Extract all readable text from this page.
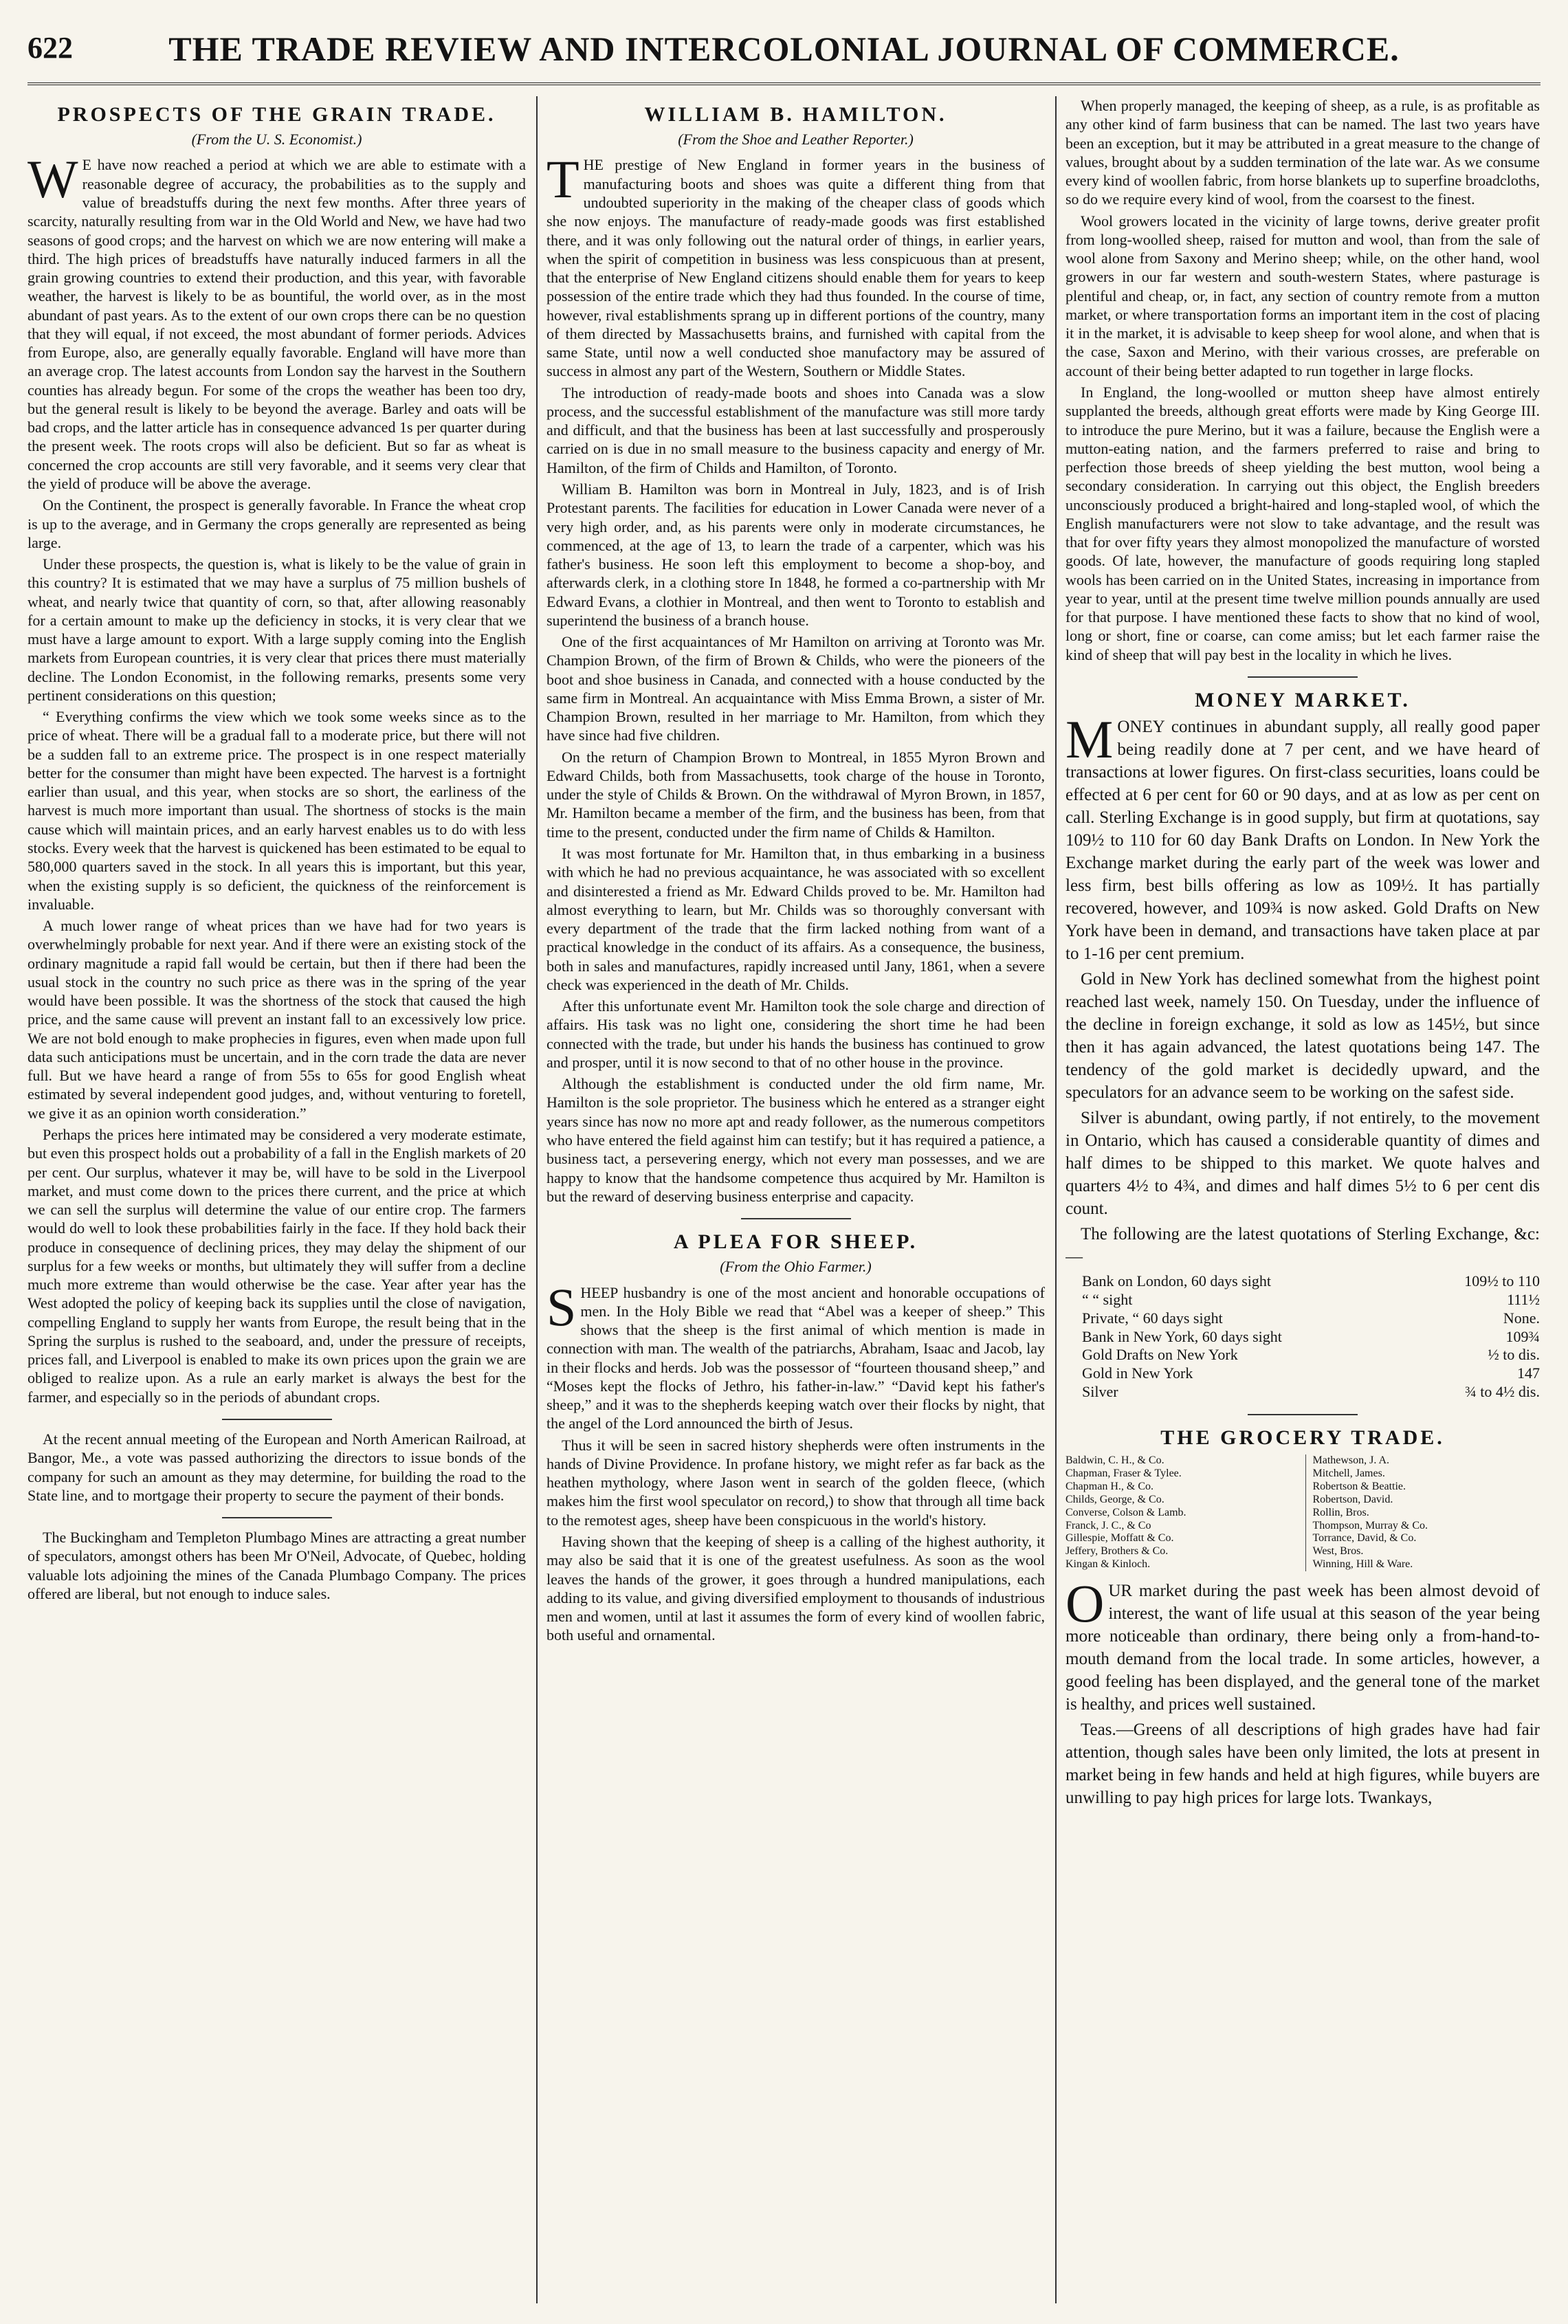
622	THE TRADE REVIEW AND INTERCOLONIAL JOURNAL OF COMMERCE.
PROSPECTS OF THE GRAIN TRADE.
(From the U. S. Economist.)

W E have now reached a period at which we are able to estimate with a reasonable degree of accuracy, the probabilities as to the supply and value of breadstuffs during the next few months. After three years of scarcity, naturally resulting from war in the Old World and New, we have had two seasons of good crops; and the harvest on which we are now entering will make a third. The high prices of breadstuffs have naturally induced farmers in all the grain growing countries to extend their production, and this year, with favorable weather, the harvest is likely to be as bountiful, the world over, as in the most abundant of past years. As to the extent of our own crops there can be no question that they will equal, if not exceed, the most abundant of former periods. Advices from Europe, also, are generally equally favorable. England will have more than an average crop. The latest accounts from London say the harvest in the Southern counties has already begun. For some of the crops the weather has been too dry, but the general result is likely to be beyond the average. Barley and oats will be bad crops, and the latter article has in consequence advanced 1s per quarter during the present week. The roots crops will also be deficient. But so far as wheat is concerned the crop accounts are still very favorable, and it seems very clear that the yield of produce will be above the average.

On the Continent, the prospect is generally favorable. In France the wheat crop is up to the average, and in Germany the crops generally are represented as being large.

Under these prospects, the question is, what is likely to be the value of grain in this country? It is estimated that we may have a surplus of 75 million bushels of wheat, and nearly twice that quantity of corn, so that, after allowing reasonably for a certain amount to make up the deficiency in stocks, it is very clear that we must have a large amount to export. With a large supply coming into the English markets from European countries, it is very clear that prices there must materially decline. The London Economist, in the following remarks, presents some very pertinent considerations on this question;

“ Everything confirms the view which we took some weeks since as to the price of wheat. There will be a gradual fall to a moderate price, but there will not be a sudden fall to an extreme price. The prospect is in one respect materially better for the consumer than might have been expected. The harvest is a fortnight earlier than usual, and this year, when stocks are so short, the earliness of the harvest is much more important than usual. The shortness of stocks is the main cause which will maintain prices, and an early harvest enables us to do with less stocks. Every week that the harvest is quickened has been estimated to be equal to 580,000 quarters saved in the stock. In all years this is important, but this year, when the existing supply is so deficient, the quickness of the reinforcement is invaluable.

A much lower range of wheat prices than we have had for two years is overwhelmingly probable for next year. And if there were an existing stock of the ordinary magnitude a rapid fall would be certain, but then if there had been the usual stock in the country no such price as there was in the spring of the year would have been possible. It was the shortness of the stock that caused the high price, and the same cause will prevent an instant fall to an excessively low price. We are not bold enough to make prophecies in figures, even when made upon full data such anticipations must be uncertain, and in the corn trade the data are never full. But we have heard a range of from 55s to 65s for good English wheat estimated by several independent good judges, and, without venturing to foretell, we give it as an opinion worth consideration.”

Perhaps the prices here intimated may be considered a very moderate estimate, but even this prospect holds out a probability of a fall in the English markets of 20 per cent. Our surplus, whatever it may be, will have to be sold in the Liverpool market, and must come down to the prices there current, and the price at which we can sell the surplus will determine the value of our entire crop. The farmers would do well to look these probabilities fairly in the face. If they hold back their produce in consequence of declining prices, they may delay the shipment of our surplus for a few weeks or months, but ultimately they will suffer from a decline much more extreme than would otherwise be the case. Year after year has the West adopted the policy of keeping back its supplies until the close of navigation, compelling England to supply her wants from Europe, the result being that in the Spring the surplus is rushed to the seaboard, and, under the pressure of receipts, prices fall, and Liverpool is enabled to make its own prices upon the grain we are obliged to realize upon. As a rule an early market is always the best for the farmer, and especially so in the periods of abundant crops.

At the recent annual meeting of the European and North American Railroad, at Bangor, Me., a vote was passed authorizing the directors to issue bonds of the company for such an amount as they may determine, for building the road to the State line, and to mortgage their property to secure the payment of their bonds.

The Buckingham and Templeton Plumbago Mines are attracting a great number of speculators, amongst others has been Mr O'Neil, Advocate, of Quebec, holding valuable lots adjoining the mines of the Canada Plumbago Company. The prices offered are liberal, but not enough to induce sales.

WILLIAM B. HAMILTON.
(From the Shoe and Leather Reporter.)

THE prestige of New England in former years in the business of manufacturing boots and shoes was quite a different thing from that undoubted superiority in the making of the cheaper class of goods which she now enjoys. The manufacture of ready-made goods was first established there, and it was only following out the natural order of things, in earlier years, when the spirit of competition in business was less conspicuous than at present, that the enterprise of New England citizens should enable them for years to keep possession of the entire trade which they had thus founded. In the course of time, however, rival establishments sprang up in different portions of the country, many of them directed by Massachusetts brains, and furnished with capital from the same State, until now a well conducted shoe manufactory may be assured of success in almost any part of the Western, Southern or Middle States.

The introduction of ready-made boots and shoes into Canada was a slow process, and the successful establishment of the manufacture was still more tardy and difficult, and that the business has been at last successfully and prosperously carried on is due in no small measure to the business capacity and energy of Mr. Hamilton, of the firm of Childs and Hamilton, of Toronto.

William B. Hamilton was born in Montreal in July, 1823, and is of Irish Protestant parents. The facilities for education in Lower Canada were never of a very high order, and, as his parents were only in moderate circumstances, he commenced, at the age of 13, to learn the trade of a carpenter, which was his father's business. He soon left this employment to become a shop-boy, and afterwards clerk, in a clothing store In 1848, he formed a co-partnership with Mr Edward Evans, a clothier in Montreal, and then went to Toronto to establish and superintend the business of a branch house.

One of the first acquaintances of Mr Hamilton on arriving at Toronto was Mr. Champion Brown, of the firm of Brown & Childs, who were the pioneers of the boot and shoe business in Canada, and connected with a house conducted by the same firm in Montreal. An acquaintance with Miss Emma Brown, a sister of Mr. Champion Brown, resulted in her marriage to Mr. Hamilton, from which they have since had five children.

On the return of Champion Brown to Montreal, in 1855 Myron Brown and Edward Childs, both from Massachusetts, took charge of the house in Toronto, under the style of Childs & Brown. On the withdrawal of Myron Brown, in 1857, Mr. Hamilton became a member of the firm, and the business has been, from that time to the present, conducted under the firm name of Childs & Hamilton.

It was most fortunate for Mr. Hamilton that, in thus embarking in a business with which he had no previous acquaintance, he was associated with so excellent and disinterested a friend as Mr. Edward Childs proved to be. Mr. Hamilton had almost everything to learn, but Mr. Childs was so thoroughly conversant with every department of the trade that the firm lacked nothing from want of a practical knowledge in the conduct of its affairs. As a consequence, the business, both in sales and manufactures, rapidly increased until Jany, 1861, when a severe check was experienced in the death of Mr. Childs.

After this unfortunate event Mr. Hamilton took the sole charge and direction of affairs. His task was no light one, considering the short time he had been connected with the trade, but under his hands the business has continued to grow and prosper, until it is now second to that of no other house in the province.

Although the establishment is conducted under the old firm name, Mr. Hamilton is the sole proprietor. The business which he entered as a stranger eight years since has now no more apt and ready follower, as the numerous competitors who have entered the field against him can testify; but it has required a patience, a business tact, a persevering energy, which not every man possesses, and we are happy to know that the handsome competence thus acquired by Mr. Hamilton is but the reward of deserving business enterprise and capacity.

A PLEA FOR SHEEP.
(From the Ohio Farmer.)

SHEEP husbandry is one of the most ancient and honorable occupations of men. In the Holy Bible we read that “Abel was a keeper of sheep.” This shows that the sheep is the first animal of which mention is made in connection with man. The wealth of the patriarchs, Abraham, Isaac and Jacob, lay in their flocks and herds. Job was the possessor of “fourteen thousand sheep,” and “Moses kept the flocks of Jethro, his father-in-law.” “David kept his father's sheep,” and it was to the shepherds keeping watch over their flocks by night, that the angel of the Lord announced the birth of Jesus.

Thus it will be seen in sacred history shepherds were often instruments in the hands of Divine Providence. In profane history, we might refer as far back as the heathen mythology, where Jason went in search of the golden fleece, (which makes him the first wool speculator on record,) to show that through all time back to the remotest ages, sheep have been conspicuous in the world's history.

Having shown that the keeping of sheep is a calling of the highest authority, it may also be said that it is one of the greatest usefulness. As soon as the wool leaves the hands of the grower, it goes through a hundred manipulations, each adding to its value, and giving diversified employment to thousands of industrious men and women, until at last it assumes the form of every kind of woollen fabric, both useful and ornamental.

When properly managed, the keeping of sheep, as a rule, is as profitable as any other kind of farm business that can be named. The last two years have been an exception, but it may be attributed in a great measure to the change of values, brought about by a sudden termination of the late war. As we consume every kind of woollen fabric, from horse blankets up to superfine broadcloths, so do we require every kind of wool, from the coarsest to the finest.

Wool growers located in the vicinity of large towns, derive greater profit from long-woolled sheep, raised for mutton and wool, than from the sale of wool alone from Saxony and Merino sheep; while, on the other hand, wool growers in our far western and south-western States, where pasturage is plentiful and cheap, or, in fact, any section of country remote from a mutton market, or where transportation forms an important item in the cost of placing it in the market, it is advisable to keep sheep for wool alone, and when that is the case, Saxon and Merino, with their various crosses, are preferable on account of their being better adapted to run together in large flocks.

In England, the long-woolled or mutton sheep have almost entirely supplanted the breeds, although great efforts were made by King George III. to introduce the pure Merino, but it was a failure, because the English were a mutton-eating nation, and the farmers preferred to raise and bring to perfection those breeds of sheep yielding the best mutton, wool being a secondary consideration. In carrying out this object, the English breeders unconsciously produced a bright-haired and long-stapled wool, of which the English manufacturers were not slow to take advantage, and the result was that for over fifty years they almost monopolized the manufacture of worsted goods. Of late, however, the manufacture of goods requiring long stapled wools has been carried on in the United States, increasing in importance from year to year, until at the present time twelve million pounds annually are used for that purpose. I have mentioned these facts to show that no kind of wool, long or short, fine or coarse, can come amiss; but let each farmer raise the kind of sheep that will pay best in the locality in which he lives.

MONEY MARKET.

MONEY continues in abundant supply, all really good paper being readily done at 7 per cent, and we have heard of transactions at lower figures. On first-class securities, loans could be effected at 6 per cent for 60 or 90 days, and at as low as per cent on call. Sterling Exchange is in good supply, but firm at quotations, say 109½ to 110 for 60 day Bank Drafts on London. In New York the Exchange market during the early part of the week was lower and less firm, best bills offering as low as 109½. It has partially recovered, however, and 109¾ is now asked. Gold Drafts on New York have been in demand, and transactions have taken place at par to 1-16 per cent premium.

Gold in New York has declined somewhat from the highest point reached last week, namely 150. On Tuesday, under the influence of the decline in foreign exchange, it sold as low as 145½, but since then it has again advanced, the latest quotations being 147. The tendency of the gold market is decidedly upward, and the speculators for an advance seem to be working on the safest side.

Silver is abundant, owing partly, if not entirely, to the movement in Ontario, which has caused a considerable quantity of dimes and half dimes to be shipped to this market. We quote halves and quarters 4½ to 4¾, and dimes and half dimes 5½ to 6 per cent dis count.

The following are the latest quotations of Sterling Exchange, &c:—

Bank on London, 60 days sight	109½ to 110
“ “ sight	111½
Private, “ 60 days sight	None.
Bank in New York, 60 days sight	109¾
Gold Drafts on New York	½ to dis.
Gold in New York	147
Silver	¾ to 4½ dis.
THE GROCERY TRADE.
Baldwin, C. H., & Co.
Chapman, Fraser & Tylee.
Chapman H., & Co.
Childs, George, & Co.
Converse, Colson & Lamb.
Franck, J. C., & Co
Gillespie, Moffatt & Co.
Jeffery, Brothers & Co.
Kingan & Kinloch.
Mathewson, J. A.
Mitchell, James.
Robertson & Beattie.
Robertson, David.
Rollin, Bros.
Thompson, Murray & Co.
Torrance, David, & Co.
West, Bros.
Winning, Hill & Ware.

OUR market during the past week has been almost devoid of interest, the want of life usual at this season of the year being more noticeable than ordinary, there being only a from-hand-to-mouth demand from the local trade. In some articles, however, a good feeling has been displayed, and the general tone of the market is healthy, and prices well sustained.

Teas.—Greens of all descriptions of high grades have had fair attention, though sales have been only limited, the lots at present in market being in few hands and held at high figures, while buyers are unwilling to pay high prices for large lots. Twankays,
